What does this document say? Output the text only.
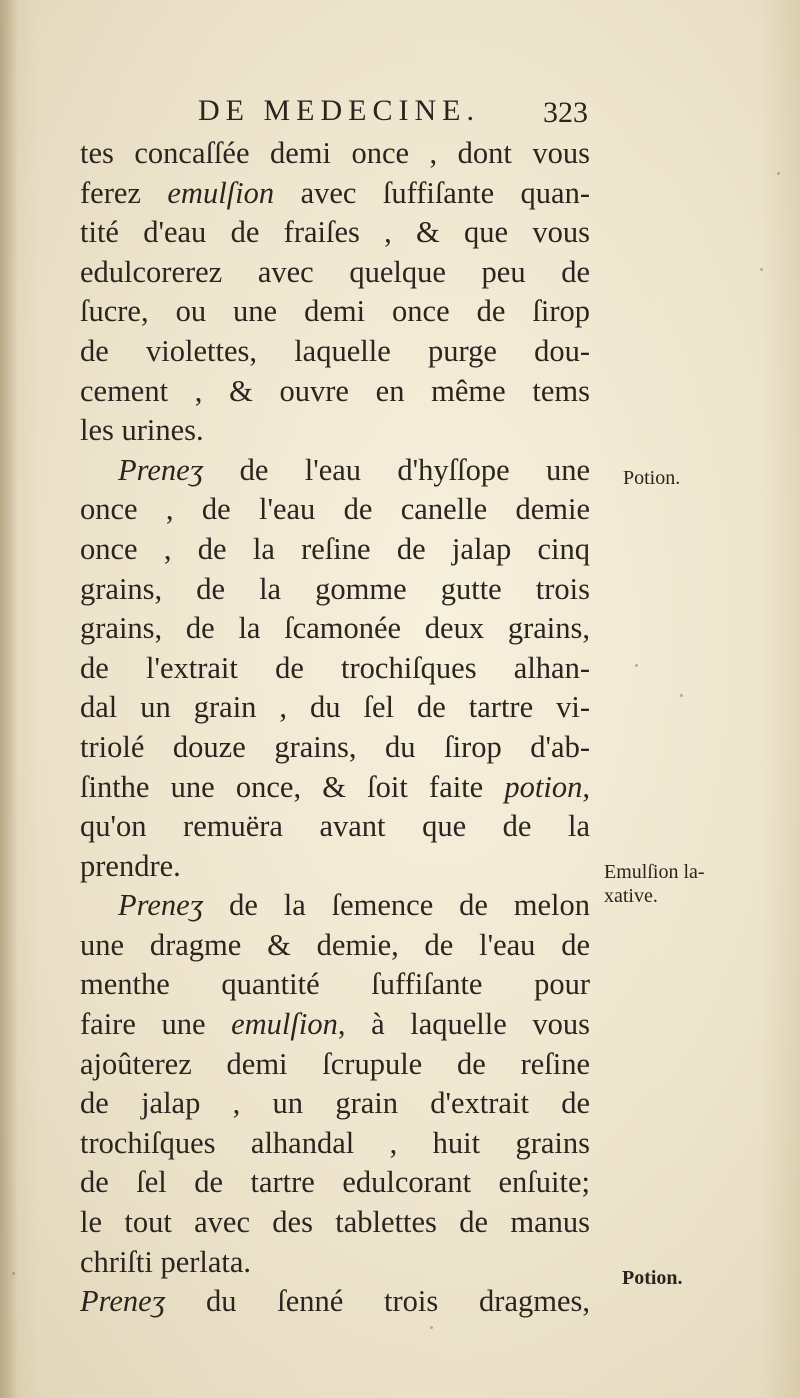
DE MEDECINE. 323
tes concaſſée demi once , dont vous
ferez emulſion avec ſuffiſante quan-
tité d'eau de fraiſes , & que vous
edulcorerez avec quelque peu de
ſucre, ou une demi once de ſirop
de violettes, laquelle purge dou-
cement , & ouvre en même tems
les urines.
Preneʒ de l'eau d'hyſſope une
once , de l'eau de canelle demie
once , de la reſine de jalap cinq
grains, de la gomme gutte trois
grains, de la ſcamonée deux grains,
de l'extrait de trochiſques alhan-
dal un grain , du ſel de tartre vi-
triolé douze grains, du ſirop d'ab-
ſinthe une once, & ſoit faite potion,
qu'on remuëra avant que de la
prendre.
Preneʒ de la ſemence de melon
une dragme & demie, de l'eau de
menthe quantité ſuffiſante pour
faire une emulſion, à laquelle vous
ajoûterez demi ſcrupule de reſine
de jalap , un grain d'extrait de
trochiſques alhandal , huit grains
de ſel de tartre edulcorant enſuite;
le tout avec des tablettes de manus
chriſti perlata.
Preneʒ du ſenné trois dragmes,
Potion.
Emulſion la-
xative.
Potion.
